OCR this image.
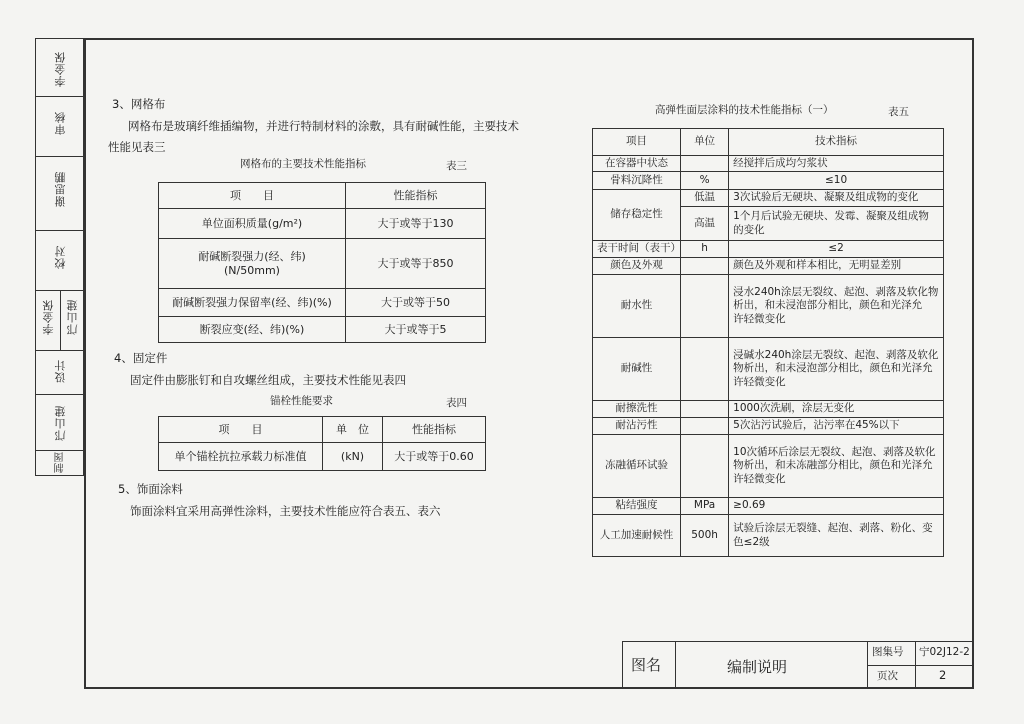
李金保
审核
谢思鹏
校对
李金保 邝山建
设计
邝山建
制图
3、网格布
网格布是玻璃纤维插编物，并进行特制材料的涂敷，具有耐碱性能，主要技术
性能见表三
网格布的主要技术性能指标	表三
项　　目	性能指标
单位面积质量(g/m²)	大于或等于130

耐碱断裂强力(经、纬)
(N/50mm)	大于或等于850
耐碱断裂强力保留率(经、纬)(%)	大于或等于50
断裂应变(经、纬)(%)	大于或等于5
4、固定件
固定件由膨胀钉和自攻螺丝组成，主要技术性能见表四
锚栓性能要求	表四
项　　目	单　位	性能指标
单个锚栓抗拉承载力标准值	(kN)	大于或等于0.60
5、饰面涂料
饰面涂料宜采用高弹性涂料，主要技术性能应符合表五、表六
高弹性面层涂料的技术性能指标（一）	表五
项目	单位	技术指标
在容器中状态		经搅拌后成均匀浆状
骨料沉降性	%	≤10
储存稳定性	低温	3次试验后无硬块、凝聚及组成物的变化
	高温	1个月后试验无硬块、发霉、凝聚及组成物
的变化

表干时间（表干）	h	≤2
颜色及外观		颜色及外观和样本相比，无明显差别
耐水性		浸水240h涂层无裂纹、起泡、剥落及软化物
析出，和未浸泡部分相比，颜色和光泽允
许轻微变化

耐碱性		浸碱水240h涂层无裂纹、起泡、剥落及软化
物析出，和未浸泡部分相比，颜色和光泽允
许轻微变化

耐擦洗性		1000次洗刷，涂层无变化
耐沾污性		5次沾污试验后，沾污率在45%以下
冻融循环试验		10次循环后涂层无裂纹、起泡、剥落及软化
物析出，和未冻融部分相比，颜色和光泽允
许轻微变化

粘结强度	MPa	≥0.69
人工加速耐候性	500h	试验后涂层无裂缝、起泡、剥落、粉化、变
色≤2级
图名	编制说明
图集号 宁02J12-2
页次	2
